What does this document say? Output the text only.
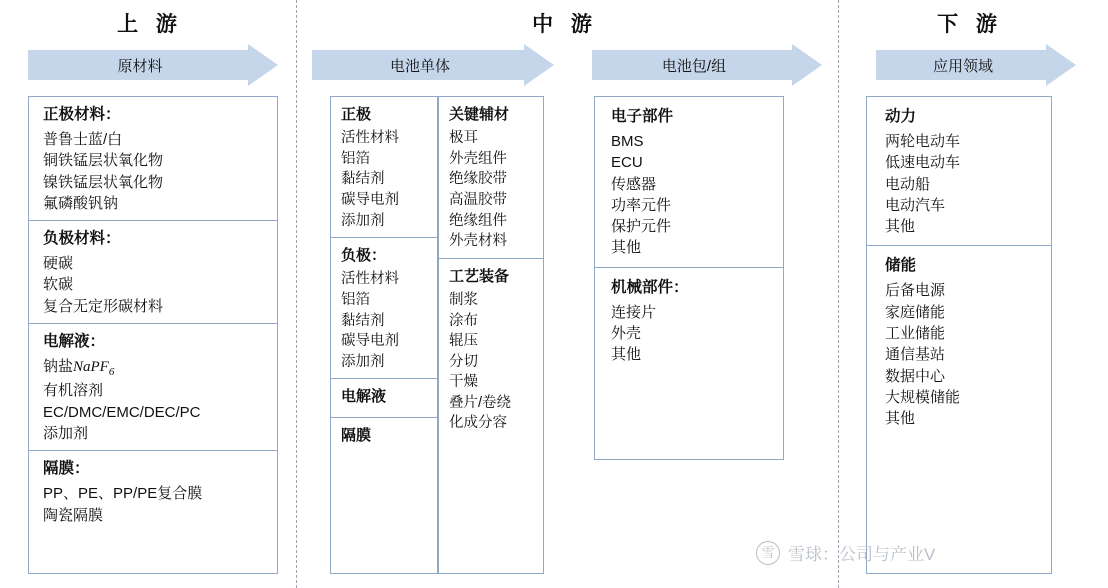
上 游	中 游	下 游
原材料	电池单体	电池包/组	应用领域
正极材料：
普鲁士蓝/白
铜铁锰层状氧化物
镍铁锰层状氧化物
氟磷酸钒钠
负极材料：
硬碳
软碳
复合无定形碳材料
电解液：
钠盐NaPF$_6$
有机溶剂
EC/DMC/EMC/DEC/PC
添加剂
隔膜：
PP、PE、PP/PE复合膜
陶瓷隔膜
正极
活性材料
铝箔
黏结剂
碳导电剂
添加剂
负极：
活性材料
铝箔
黏结剂
碳导电剂
添加剂
电解液
隔膜
关键辅材
极耳
外壳组件
绝缘胶带
高温胶带
绝缘组件
外壳材料
工艺装备
制浆
涂布
辊压
分切
干燥
叠片/卷绕
化成分容
电子部件
BMS
ECU
传感器
功率元件
保护元件
其他
机械部件：
连接片
外壳
其他
动力
两轮电动车
低速电动车
电动船
电动汽车
其他
储能
后备电源
家庭储能
工业储能
通信基站
数据中心
大规模储能
其他
雪 雪球：公司与产业V
